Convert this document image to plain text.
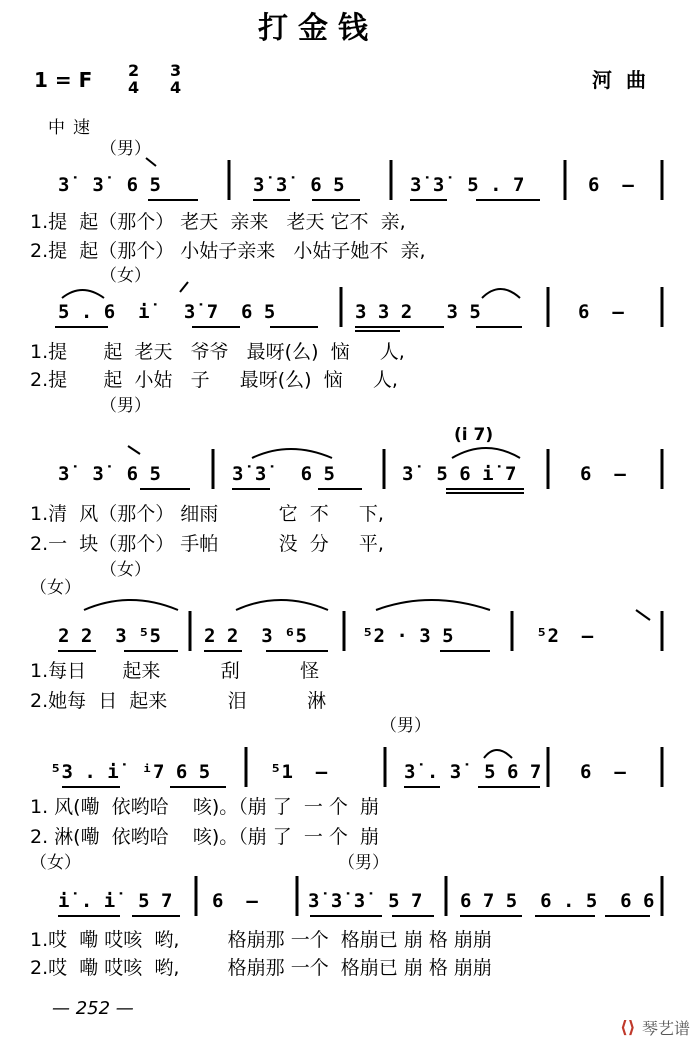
打金钱
1 = F 2
4
3
4	河曲
中速
（男）
3̇  3̇  6 5	3̇ 3̇  6 5	3̇ 3̇  5 . 7	6  —
1.提  起（那个） 老天  亲来   老天 它不  亲,
2.提  起（那个） 小姑子亲来   小姑子她不  亲,
（女）
5 . 6  i̇   3̇ 7  6 5	3 3 2   3 5	6  —
1.提      起  老天   爷爷   最呀(么)  恼     人,
2.提      起  小姑   子     最呀(么)  恼     人,
（男）
(i̇ 7)
3̇  3̇  6 5	3̇ 3̇   6 5	3̇  5 6 i̇ 7	6  —
1.清  风（那个） 细雨          它  不     下,
2.一  块（那个） 手帕          没  分     平,
（女）
（女）
2 2  3 ⁵5 2 2  3 ⁶5	⁵2 · 3 5	⁵2  —
1.每日      起来          刮          怪
2.她每  日  起来          泪          淋
（男）
⁵3 . i̇  ⁱ7 6 5	⁵1  —	3̇ . 3̇  5 6 7 6  —
1. 风(嘞  依哟哈    咳)。（崩 了  一 个  崩
2. 淋(嘞  依哟哈    咳)。（崩 了  一 个  崩
（女）	（男）
i̇ . i̇  5 7 6  —	3̇ 3̇ 3̇  5 7 6 7 5  6 . 5  6 6
1.哎  嘞 哎咳  哟,        格崩那 一个  格崩已 崩 格 崩崩
2.哎  嘞 哎咳  哟,        格崩那 一个  格崩已 崩 格 崩崩
— 252 —
⟨⟩ 琴艺谱
